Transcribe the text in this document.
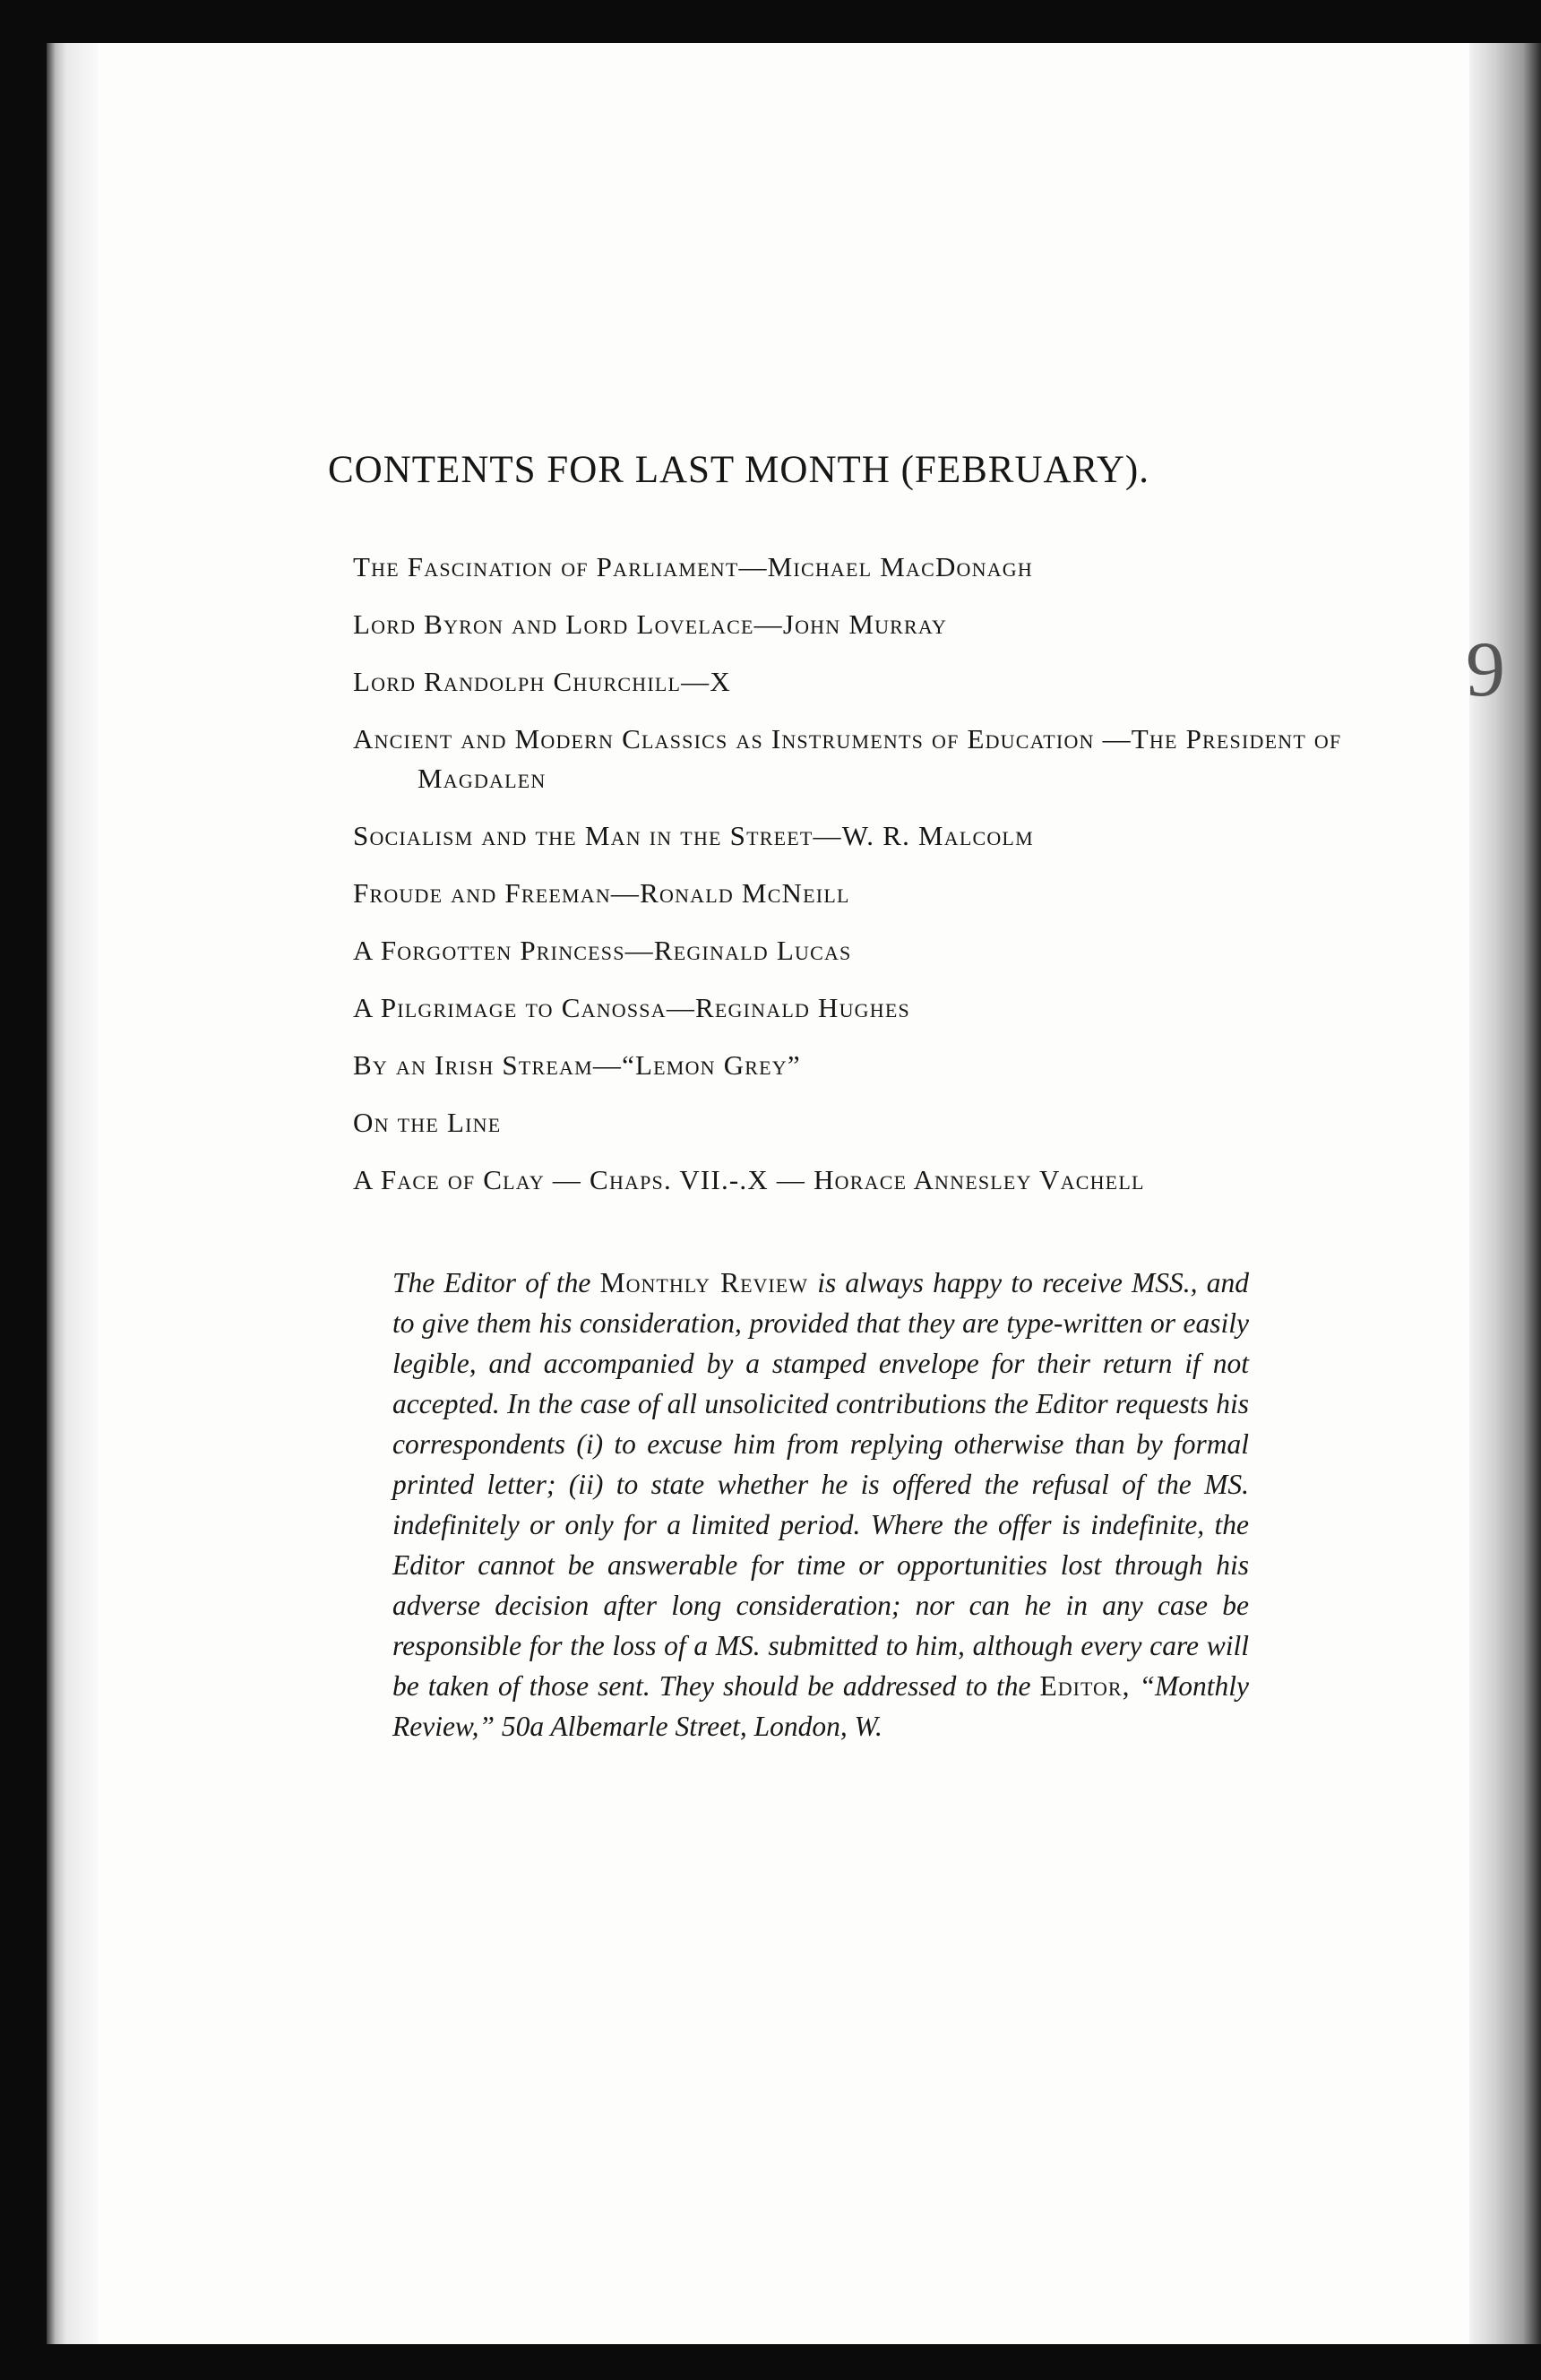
9
CONTENTS FOR LAST MONTH (FEBRUARY).
The Fascination of Parliament—Michael MacDonagh
Lord Byron and Lord Lovelace—John Murray
Lord Randolph Churchill—X
Ancient and Modern Classics as Instruments of Education —The President of Magdalen
Socialism and the Man in the Street—W. R. Malcolm
Froude and Freeman—Ronald McNeill
A Forgotten Princess—Reginald Lucas
A Pilgrimage to Canossa—Reginald Hughes
By an Irish Stream—“Lemon Grey”
On the Line
A Face of Clay — Chaps. VII.-.X — Horace Annesley Vachell

The Editor of the Monthly Review is always happy to receive MSS., and to give them his consideration, provided that they are type-written or easily legible, and accompanied by a stamped envelope for their return if not accepted. In the case of all unsolicited contributions the Editor requests his correspondents (i) to excuse him from replying otherwise than by formal printed letter; (ii) to state whether he is offered the refusal of the MS. indefinitely or only for a limited period. Where the offer is indefinite, the Editor cannot be answerable for time or opportunities lost through his adverse decision after long consideration; nor can he in any case be responsible for the loss of a MS. submitted to him, although every care will be taken of those sent. They should be addressed to the Editor, “Monthly Review,” 50a Albemarle Street, London, W.
